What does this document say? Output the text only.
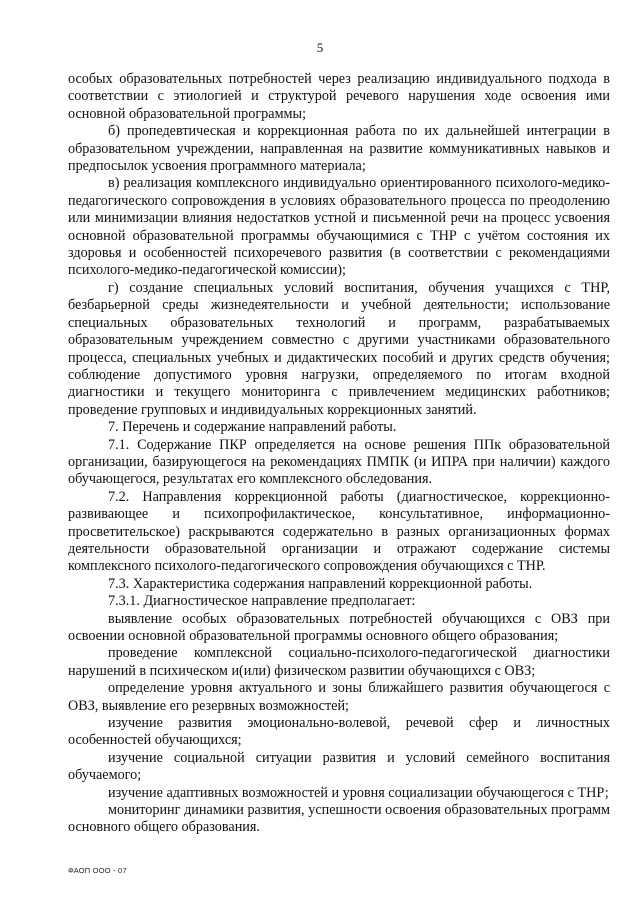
5

особых образовательных потребностей через реализацию индивидуального подхода в соответствии с этиологией и структурой речевого нарушения ходе освоения ими основной образовательной программы;

б) пропедевтическая и коррекционная работа по их дальнейшей интеграции в образовательном учреждении, направленная на развитие коммуникативных навыков и предпосылок усвоения программного материала;

в) реализация комплексного индивидуально ориентированного психолого-медико-педагогического сопровождения в условиях образовательного процесса по преодолению или минимизации влияния недостатков устной и письменной речи на процесс усвоения основной образовательной программы обучающимися с ТНР с учётом состояния их здоровья и особенностей психоречевого развития (в соответствии с рекомендациями психолого-медико-педагогической комиссии);

г) создание специальных условий воспитания, обучения учащихся с ТНР, безбарьерной среды жизнедеятельности и учебной деятельности; использование специальных образовательных технологий и программ, разрабатываемых образовательным учреждением совместно с другими участниками образовательного процесса, специальных учебных и дидактических пособий и других средств обучения; соблюдение допустимого уровня нагрузки, определяемого по итогам входной диагностики и текущего мониторинга с привлечением медицинских работников; проведение групповых и индивидуальных коррекционных занятий.

7. Перечень и содержание направлений работы.

7.1. Содержание ПКР определяется на основе решения ППк образовательной организации, базирующегося на рекомендациях ПМПК (и ИПРА при наличии) каждого обучающегося, результатах его комплексного обследования.

7.2. Направления коррекционной работы (диагностическое, коррекционно-развивающее и психопрофилактическое, консультативное, информационно-просветительское) раскрываются содержательно в разных организационных формах деятельности образовательной организации и отражают содержание системы комплексного психолого-педагогического сопровождения обучающихся с ТНР.

7.3. Характеристика содержания направлений коррекционной работы.

7.3.1. Диагностическое направление предполагает:

выявление особых образовательных потребностей обучающихся с ОВЗ при освоении основной образовательной программы основного общего образования;

проведение комплексной социально-психолого-педагогической диагностики нарушений в психическом и(или) физическом развитии обучающихся с ОВЗ;

определение уровня актуального и зоны ближайшего развития обучающегося с ОВЗ, выявление его резервных возможностей;

изучение развития эмоционально-волевой, речевой сфер и личностных особенностей обучающихся;

изучение социальной ситуации развития и условий семейного воспитания обучаемого;

изучение адаптивных возможностей и уровня социализации обучающегося с ТНР;

мониторинг динамики развития, успешности освоения образовательных программ основного общего образования.

ФАОП ООО - 07
